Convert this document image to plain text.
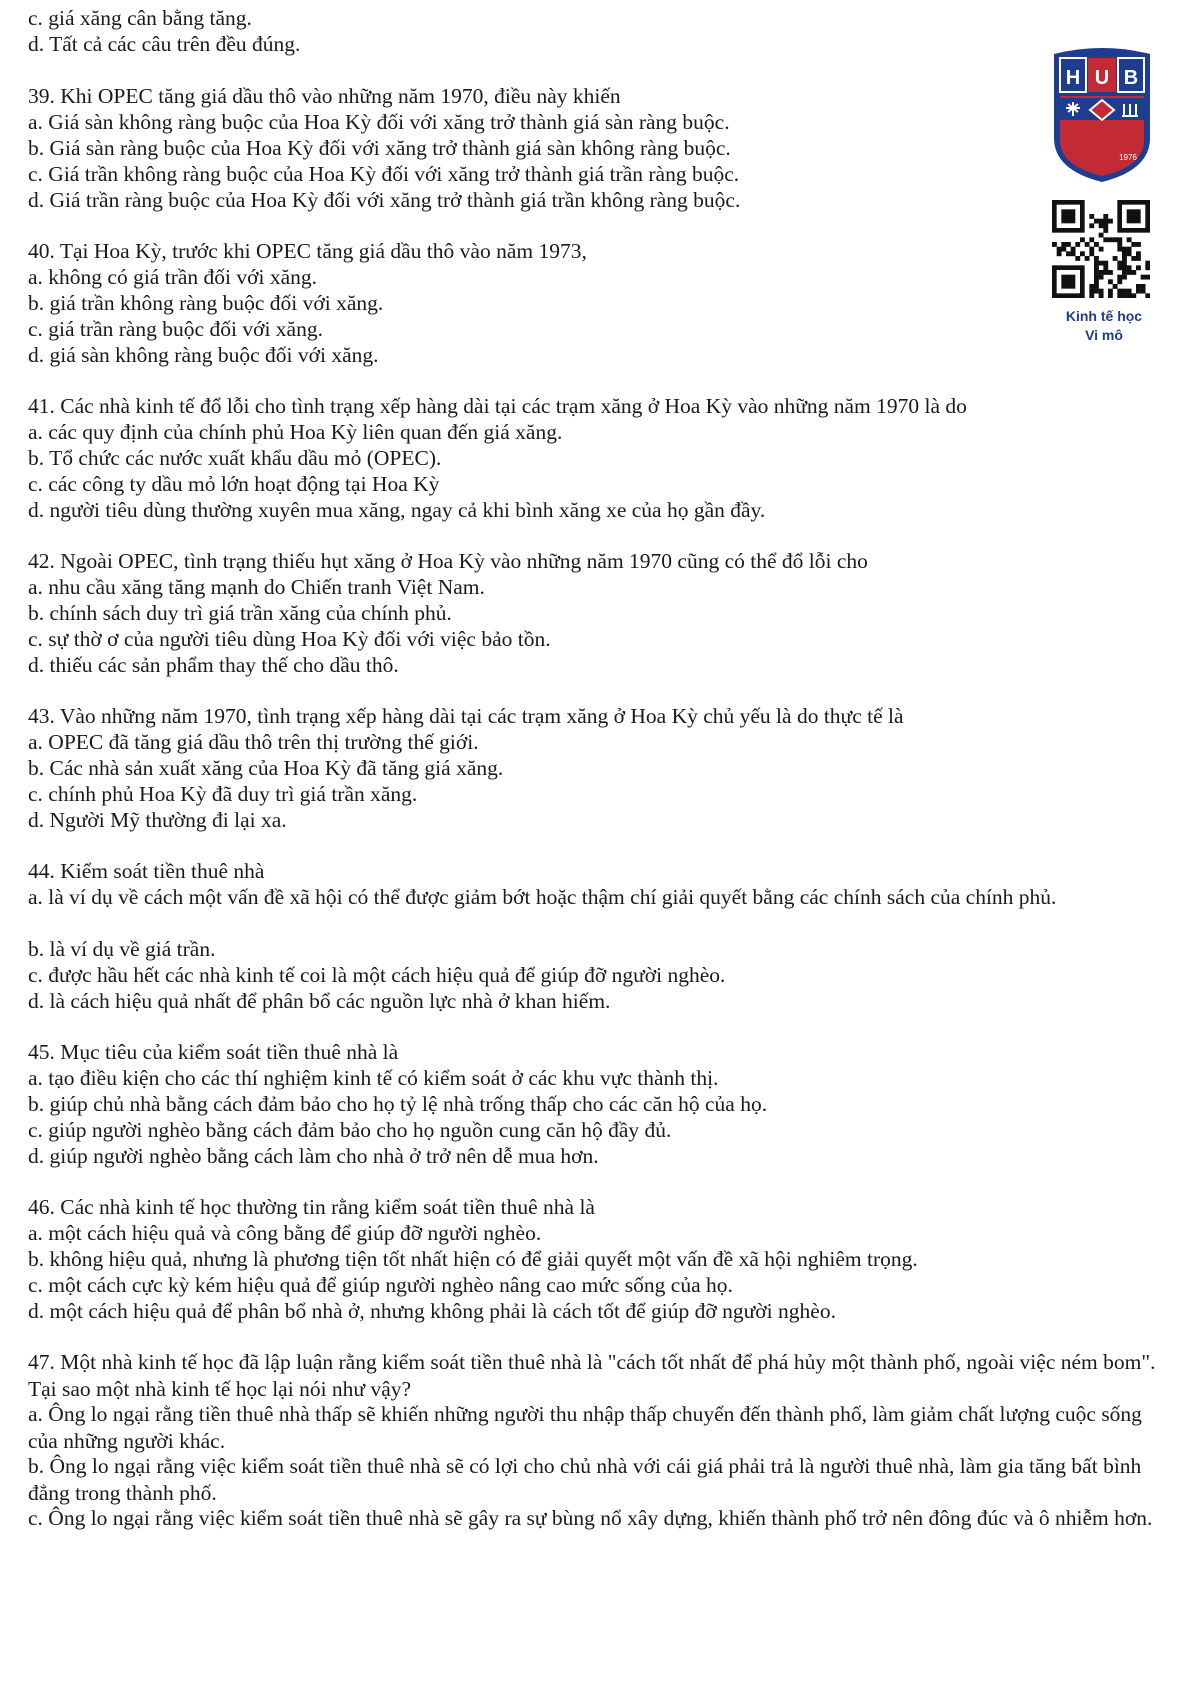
c. giá xăng cân bằng tăng.
d. Tất cả các câu trên đều đúng.
39. Khi OPEC tăng giá dầu thô vào những năm 1970, điều này khiến
a. Giá sàn không ràng buộc của Hoa Kỳ đối với xăng trở thành giá sàn ràng buộc.
b. Giá sàn ràng buộc của Hoa Kỳ đối với xăng trở thành giá sàn không ràng buộc.
c. Giá trần không ràng buộc của Hoa Kỳ đối với xăng trở thành giá trần ràng buộc.
d. Giá trần ràng buộc của Hoa Kỳ đối với xăng trở thành giá trần không ràng buộc.
40. Tại Hoa Kỳ, trước khi OPEC tăng giá dầu thô vào năm 1973,
a. không có giá trần đối với xăng.
b. giá trần không ràng buộc đối với xăng.
c. giá trần ràng buộc đối với xăng.
d. giá sàn không ràng buộc đối với xăng.
41. Các nhà kinh tế đổ lỗi cho tình trạng xếp hàng dài tại các trạm xăng ở Hoa Kỳ vào những năm 1970 là do
a. các quy định của chính phủ Hoa Kỳ liên quan đến giá xăng.
b. Tổ chức các nước xuất khẩu dầu mỏ (OPEC).
c. các công ty dầu mỏ lớn hoạt động tại Hoa Kỳ
d. người tiêu dùng thường xuyên mua xăng, ngay cả khi bình xăng xe của họ gần đầy.
42. Ngoài OPEC, tình trạng thiếu hụt xăng ở Hoa Kỳ vào những năm 1970 cũng có thể đổ lỗi cho
a. nhu cầu xăng tăng mạnh do Chiến tranh Việt Nam.
b. chính sách duy trì giá trần xăng của chính phủ.
c. sự thờ ơ của người tiêu dùng Hoa Kỳ đối với việc bảo tồn.
d. thiếu các sản phẩm thay thế cho dầu thô.
43. Vào những năm 1970, tình trạng xếp hàng dài tại các trạm xăng ở Hoa Kỳ chủ yếu là do thực tế là
a. OPEC đã tăng giá dầu thô trên thị trường thế giới.
b. Các nhà sản xuất xăng của Hoa Kỳ đã tăng giá xăng.
c. chính phủ Hoa Kỳ đã duy trì giá trần xăng.
d. Người Mỹ thường đi lại xa.
44. Kiểm soát tiền thuê nhà
a. là ví dụ về cách một vấn đề xã hội có thể được giảm bớt hoặc thậm chí giải quyết bằng các chính sách của chính phủ.
b. là ví dụ về giá trần.
c. được hầu hết các nhà kinh tế coi là một cách hiệu quả để giúp đỡ người nghèo.
d. là cách hiệu quả nhất để phân bổ các nguồn lực nhà ở khan hiếm.
45. Mục tiêu của kiểm soát tiền thuê nhà là
a. tạo điều kiện cho các thí nghiệm kinh tế có kiểm soát ở các khu vực thành thị.
b. giúp chủ nhà bằng cách đảm bảo cho họ tỷ lệ nhà trống thấp cho các căn hộ của họ.
c. giúp người nghèo bằng cách đảm bảo cho họ nguồn cung căn hộ đầy đủ.
d. giúp người nghèo bằng cách làm cho nhà ở trở nên dễ mua hơn.
46. Các nhà kinh tế học thường tin rằng kiểm soát tiền thuê nhà là
a. một cách hiệu quả và công bằng để giúp đỡ người nghèo.
b. không hiệu quả, nhưng là phương tiện tốt nhất hiện có để giải quyết một vấn đề xã hội nghiêm trọng.
c. một cách cực kỳ kém hiệu quả để giúp người nghèo nâng cao mức sống của họ.
d. một cách hiệu quả để phân bổ nhà ở, nhưng không phải là cách tốt để giúp đỡ người nghèo.
47. Một nhà kinh tế học đã lập luận rằng kiểm soát tiền thuê nhà là "cách tốt nhất để phá hủy một thành phố, ngoài việc ném bom". Tại sao một nhà kinh tế học lại nói như vậy?
a. Ông lo ngại rằng tiền thuê nhà thấp sẽ khiến những người thu nhập thấp chuyển đến thành phố, làm giảm chất lượng cuộc sống của những người khác.
b. Ông lo ngại rằng việc kiểm soát tiền thuê nhà sẽ có lợi cho chủ nhà với cái giá phải trả là người thuê nhà, làm gia tăng bất bình đẳng trong thành phố.
c. Ông lo ngại rằng việc kiểm soát tiền thuê nhà sẽ gây ra sự bùng nổ xây dựng, khiến thành phố trở nên đông đúc và ô nhiễm hơn.
H U B
1976
Kinh tế học
Vi mô
